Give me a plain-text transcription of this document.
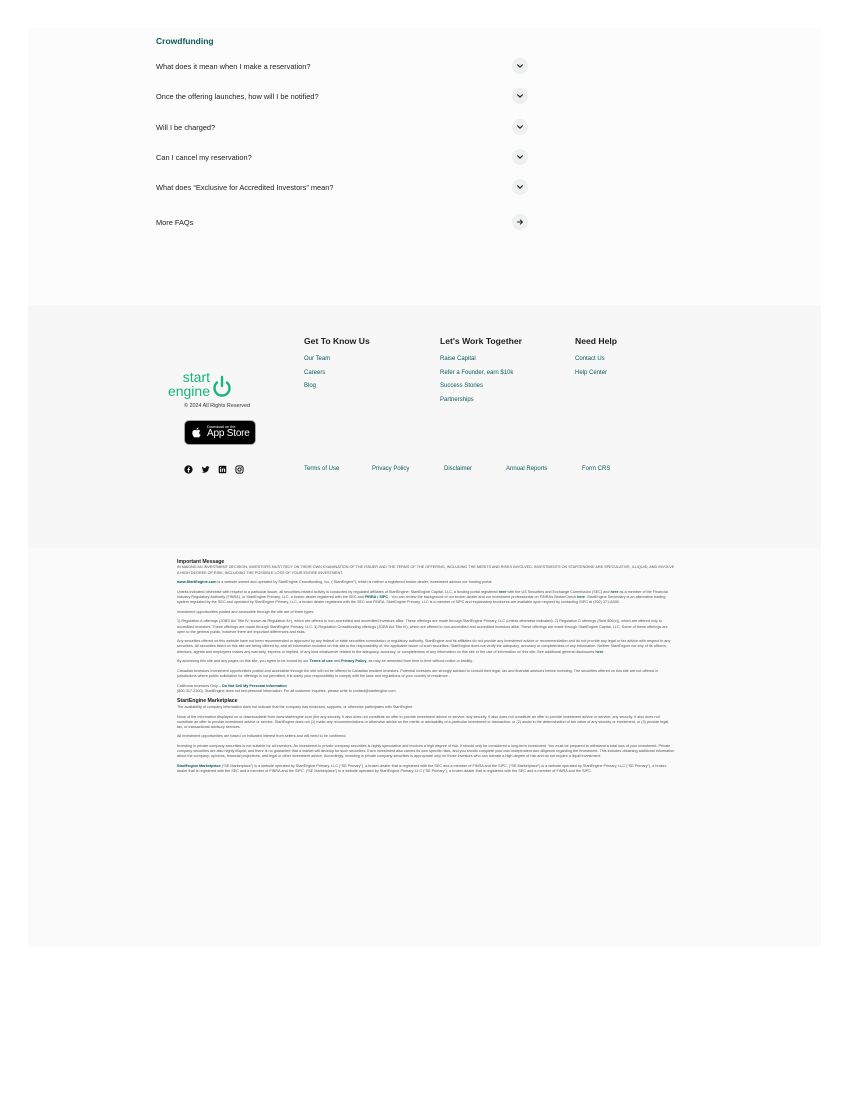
Crowdfunding
What does it mean when I make a reservation?
Once the offering launches, how will I be notified?
Will I be charged?
Can I cancel my reservation?
What does “Exclusive for Accredited Investors” mean?
More FAQs
start
engine
© 2024 All Rights Reserved
Download on the
App Store
Get To Know Us
Our Team
Careers
Blog
Let's Work Together
Raise Capital
Refer a Founder, earn $10k
Success Stories
Partnerships
Need Help
Contact Us
Help Center
Terms of Use	Privacy Policy	Disclaimer	Annual Reports	Form CRS

Important Message

IN MAKING AN INVESTMENT DECISION, INVESTORS MUST RELY ON THEIR OWN EXAMINATION OF THE ISSUER AND THE TERMS OF THE OFFERING, INCLUDING THE MERITS AND RISKS INVOLVED. INVESTMENTS ON STARTENGINE ARE SPECULATIVE, ILLIQUID, AND INVOLVE A HIGH DEGREE OF RISK, INCLUDING THE POSSIBLE LOSS OF YOUR ENTIRE INVESTMENT.

www.StartEngine.com is a website owned and operated by StartEngine Crowdfunding, Inc. (“StartEngine”), which is neither a registered broker-dealer, investment advisor nor funding portal.

Unless indicated otherwise with respect to a particular issuer, all securities-related activity is conducted by regulated affiliates of StartEngine: StartEngine Capital, LLC, a funding portal registered here with the US Securities and Exchange Commission (SEC) and here as a member of the Financial Industry Regulatory Authority (FINRA), or StartEngine Primary, LLC, a broker-dealer registered with the SEC and FINRA / SIPC . You can review the background of our broker-dealer and our investment professionals on FINRA’s BrokerCheck here. StartEngine Secondary is an alternative trading system regulated by the SEC and operated by StartEngine Primary, LLC, a broker dealer registered with the SEC and FINRA. StartEngine Primary, LLC is a member of SIPC and explanatory brochures are available upon request by contacting SIPC at (202) 371-8300.

Investment opportunities posted and accessible through the site are of three types:

1) Regulation A offerings (JOBS Act Title IV; known as Regulation A+), which are offered to non-accredited and accredited investors alike. These offerings are made through StartEngine Primary, LLC (unless otherwise indicated). 2) Regulation D offerings (Rule 506(c)), which are offered only to accredited investors. These offerings are made through StartEngine Primary, LLC. 3) Regulation Crowdfunding offerings (JOBS Act Title III), which are offered to non-accredited and accredited investors alike. These offerings are made through StartEngine Capital, LLC. Some of these offerings are open to the general public, however there are important differences and risks.

Any securities offered on this website have not been recommended or approved by any federal or state securities commission or regulatory authority. StartEngine and its affiliates do not provide any investment advice or recommendation and do not provide any legal or tax advice with respect to any securities. All securities listed on this site are being offered by, and all information included on this site is the responsibility of, the applicable issuer of such securities. StartEngine does not verify the adequacy, accuracy or completeness of any information. Neither StartEngine nor any of its officers, directors, agents and employees makes any warranty, express or implied, of any kind whatsoever related to the adequacy, accuracy, or completeness of any information on this site or the use of information on this site. See additional general disclosures here.

By accessing this site and any pages on this site, you agree to be bound by our Terms of use and Privacy Policy, as may be amended from time to time without notice or liability.

Canadian Investors Investment opportunities posted and accessible through the site will not be offered to Canadian resident investors. Potential investors are strongly advised to consult their legal, tax and financial advisors before investing. The securities offered on this site are not offered in jurisdictions where public solicitation for offerings is not permitted; it is solely your responsibility to comply with the laws and regulations of your country of residence.

California Investors Only – Do Not Sell My Personal Information
(800-317-2200). StartEngine does not sell personal information. For all customer inquiries, please write to contact@startengine.com.

StartEngine Marketplace

The availability of company information does not indicate that the company has endorsed, supports, or otherwise participates with StartEngine.

None of the information displayed on or downloadable from www.startengine.com (the any security. It also does not constitute an offer to provide investment advice or service. any security. It also does not constitute an offer to provide investment advice or service. any security. It also does not constitute an offer to provide investment advice or service. StartEngine does not (1) make any recommendations or otherwise advise on the merits or advisability of a particular investment or transaction, or (2) assist in the determination of fair value of any security or investment, or (3) provide legal, tax, or transactional advisory services.

All investment opportunities are based on indicated interest from sellers and will need to be confirmed.

Investing in private company securities is not suitable for all investors. An investment in private company securities is highly speculative and involves a high degree of risk. It should only be considered a long-term investment. You must be prepared to withstand a total loss of your investment. Private company securities are also highly illiquid, and there is no guarantee that a market will develop for such securities. Each investment also carries its own specific risks, and you should complete your own independent due diligence regarding the investment. This includes obtaining additional information about the company, opinions, financial projections, and legal or other investment advice. Accordingly, investing in private company securities is appropriate only for those investors who can tolerate a high degree of risk and do not require a liquid investment.

StartEngine Marketplace (“SE Marketplace”) is a website operated by StartEngine Primary, LLC (“SE Primary”), a broker-dealer that is registered with the SEC and a member of FINRA and the SIPC. (“SE Marketplace”) is a website operated by StartEngine Primary, LLC (“SE Primary”), a broker-dealer that is registered with the SEC and a member of FINRA and the SIPC. (“SE Marketplace”) is a website operated by StartEngine Primary, LLC (“SE Primary”), a broker-dealer that is registered with the SEC and a member of FINRA and the SIPC.
